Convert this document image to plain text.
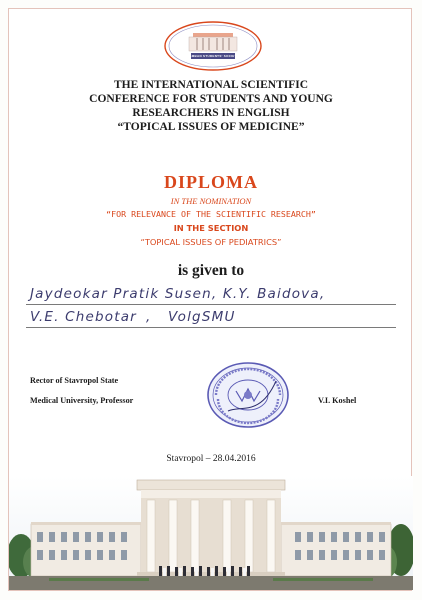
ASMBAN STUDENTS' SOCIETY
THE INTERNATIONAL SCIENTIFIC
CONFERENCE FOR STUDENTS AND YOUNG
RESEARCHERS IN ENGLISH
“TOPICAL ISSUES OF MEDICINE”
DIPLOMA
IN THE NOMINATION
“FOR RELEVANCE OF THE SCIENTIFIC RESEARCH”
IN THE SECTION
“TOPICAL ISSUES OF PEDIATRICS”
is given to
Jaydeokar Pratik Susen, K.Y. Baidova,
V.E. Chebotar , VolgSMU
Rector of Stavropol State
Medical University, Professor	V.I. Koshel
Stavropol – 28.04.2016
